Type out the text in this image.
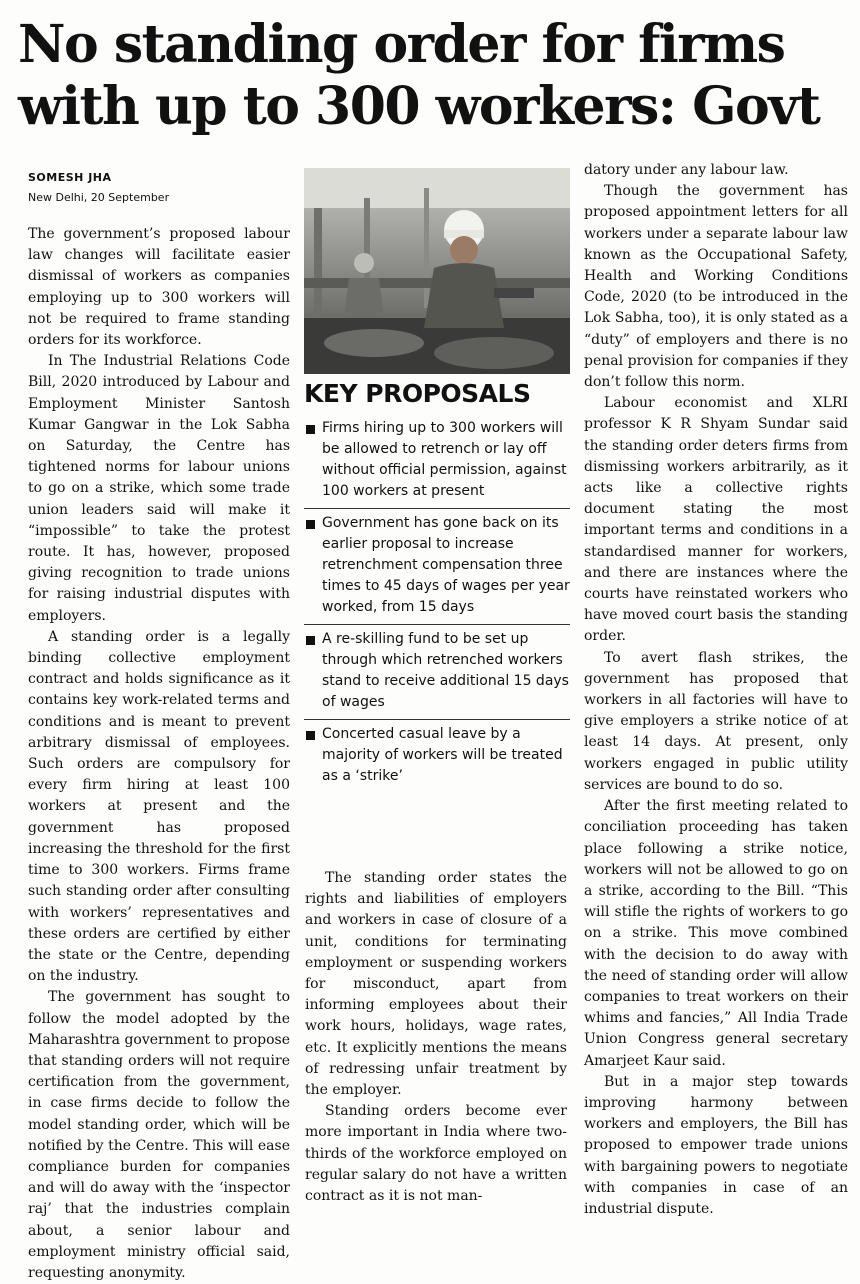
No standing order for firms
with up to 300 workers: Govt
SOMESH JHA
New Delhi, 20 September

The government’s proposed labour law changes will facilitate easier dismissal of workers as companies employing up to 300 workers will not be required to frame standing orders for its workforce.

In The Industrial Relations Code Bill, 2020 introduced by Labour and Employment Minister Santosh Kumar Gangwar in the Lok Sabha on Saturday, the Centre has tightened norms for labour unions to go on a strike, which some trade union leaders said will make it “impossible” to take the protest route. It has, however, proposed giving recognition to trade unions for raising industrial disputes with employers.

A standing order is a legally binding collective employment contract and holds significance as it contains key work-related terms and conditions and is meant to prevent arbitrary dismissal of employees. Such orders are compulsory for every firm hiring at least 100 workers at present and the government has proposed increasing the threshold for the first time to 300 workers. Firms frame such standing order after consulting with workers’ representatives and these orders are certified by either the state or the Centre, depending on the industry.

The government has sought to follow the model adopted by the Maharashtra government to propose that standing orders will not require certification from the government, in case firms decide to follow the model standing order, which will be notified by the Centre. This will ease compliance burden for companies and will do away with the ‘inspector raj’ that the industries complain about, a senior labour and employment ministry official said, requesting anonymity.

KEY PROPOSALS
Firms hiring up to 300 workers will be allowed to retrench or lay off without official permission, against 100 workers at present
Government has gone back on its earlier proposal to increase retrenchment compensation three times to 45 days of wages per year worked, from 15 days
A re-skilling fund to be set up through which retrenched workers stand to receive additional 15 days of wages
Concerted casual leave by a majority of workers will be treated as a ‘strike’

The standing order states the rights and liabilities of employers and workers in case of closure of a unit, conditions for terminating employment or suspending workers for misconduct, apart from informing employees about their work hours, holidays, wage rates, etc. It explicitly mentions the means of redressing unfair treatment by the employer.

Standing orders become ever more important in India where two-thirds of the workforce employed on regular salary do not have a written contract as it is not man-

datory under any labour law.

Though the government has proposed appointment letters for all workers under a separate labour law known as the Occupational Safety, Health and Working Conditions Code, 2020 (to be introduced in the Lok Sabha, too), it is only stated as a “duty” of employers and there is no penal provision for companies if they don’t follow this norm.

Labour economist and XLRI professor K R Shyam Sundar said the standing order deters firms from dismissing workers arbitrarily, as it acts like a collective rights document stating the most important terms and conditions in a standardised manner for workers, and there are instances where the courts have reinstated workers who have moved court basis the standing order.

To avert flash strikes, the government has proposed that workers in all factories will have to give employers a strike notice of at least 14 days. At present, only workers engaged in public utility services are bound to do so.

After the first meeting related to conciliation proceeding has taken place following a strike notice, workers will not be allowed to go on a strike, according to the Bill. “This will stifle the rights of workers to go on a strike. This move combined with the decision to do away with the need of standing order will allow companies to treat workers on their whims and fancies,” All India Trade Union Congress general secretary Amarjeet Kaur said.

But in a major step towards improving harmony between workers and employers, the Bill has proposed to empower trade unions with bargaining powers to negotiate with companies in case of an industrial dispute.
